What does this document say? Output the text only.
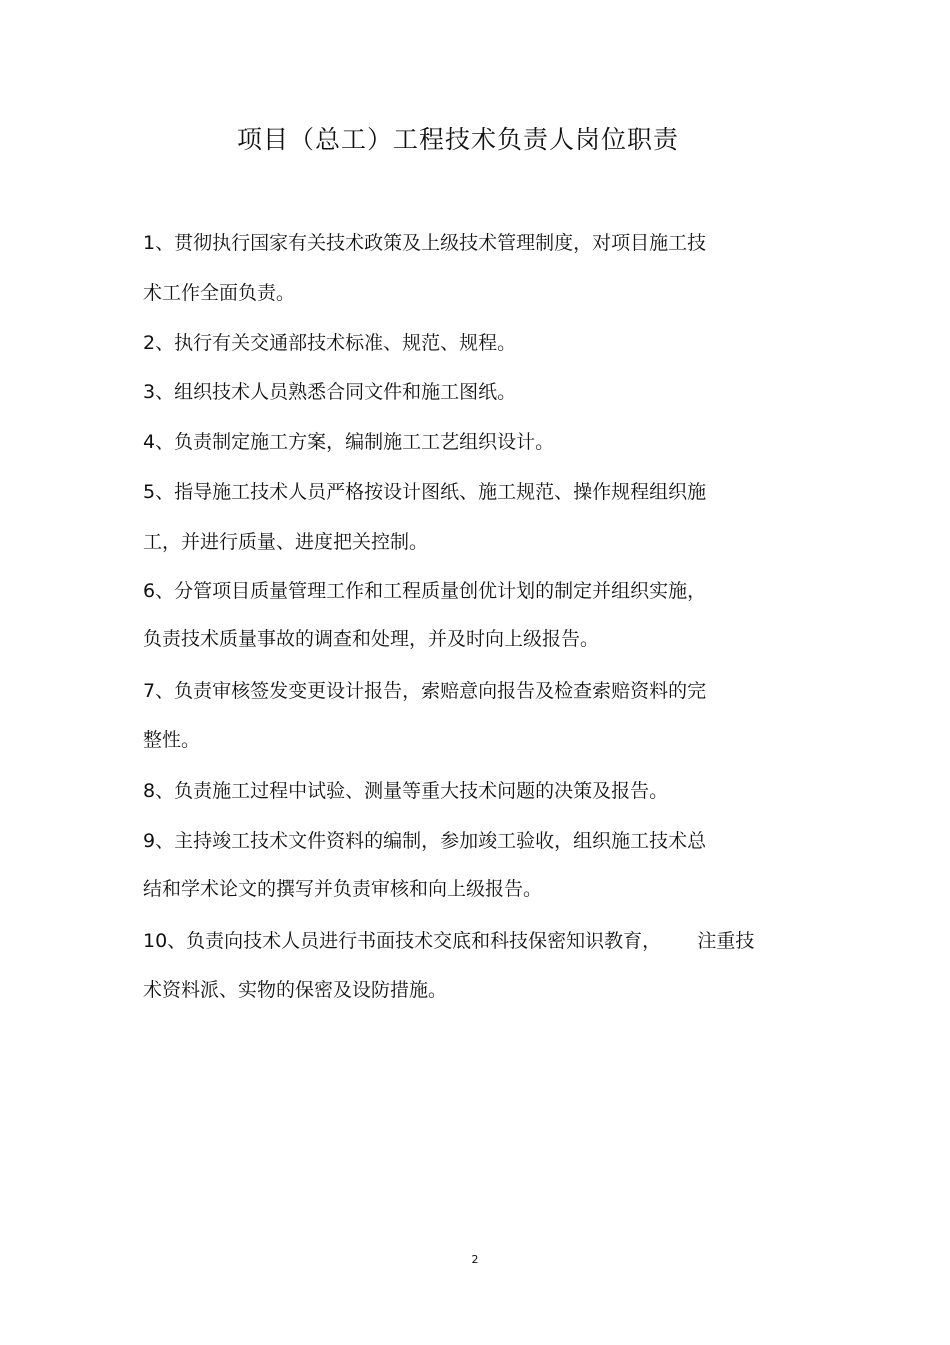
项目（总工）工程技术负责人岗位职责
1、贯彻执行国家有关技术政策及上级技术管理制度，对项目施工技
术工作全面负责。
2、执行有关交通部技术标准、规范、规程。
3、组织技术人员熟悉合同文件和施工图纸。
4、负责制定施工方案，编制施工工艺组织设计。
5、指导施工技术人员严格按设计图纸、施工规范、操作规程组织施
工，并进行质量、进度把关控制。
6、分管项目质量管理工作和工程质量创优计划的制定并组织实施，
负责技术质量事故的调查和处理，并及时向上级报告。
7、负责审核签发变更设计报告，索赔意向报告及检查索赔资料的完
整性。
8、负责施工过程中试验、测量等重大技术问题的决策及报告。
9、主持竣工技术文件资料的编制，参加竣工验收，组织施工技术总
结和学术论文的撰写并负责审核和向上级报告。
10、负责向技术人员进行书面技术交底和科技保密知识教育，      注重技
术资料派、实物的保密及设防措施。
2
